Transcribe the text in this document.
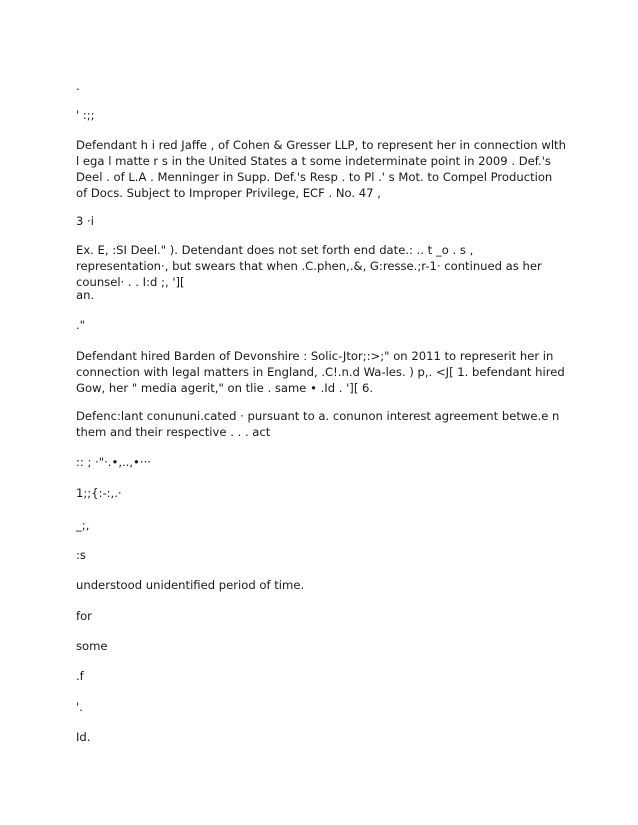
.

' :;;

Defendant h i red Jaffe , of Cohen & Gresser LLP, to represent her in connection wlth l ega l matte r s in the United States a t some indeterminate point in 2009 . Def.'s Deel . of L.A . Menninger in Supp. Def.'s Resp . to Pl .' s Mot. to Compel Production of Docs. Subject to Improper Privilege, ECF . No. 47 ,

3 ·i

Ex. E, :SI Deel." ). Detendant does not set forth end date.: .. t _o . s , representation·, but swears that when .C.phen,.&, G:resse.;r-1· continued as her counsel· . . I:d ;, '][

an.

."

Defendant hired Barden of Devonshire : Solic-Jtor;:>;" on 2011 to represerit her in connection with legal matters in England, .C!.n.d Wa-les. ) p,. <J[ 1. befendant hired Gow, her " media agerit," on tlie . same • .Id . '][ 6.

Defenc:lant conununi.cated · pursuant to a. conunon interest agreement betwe.e n them and their respective . . . act

:: ; ·"·.•,..,•···

1;;{:-:,.·

_;,

:s

understood unidentified period of time.

for

some

.f

'.

Id.
